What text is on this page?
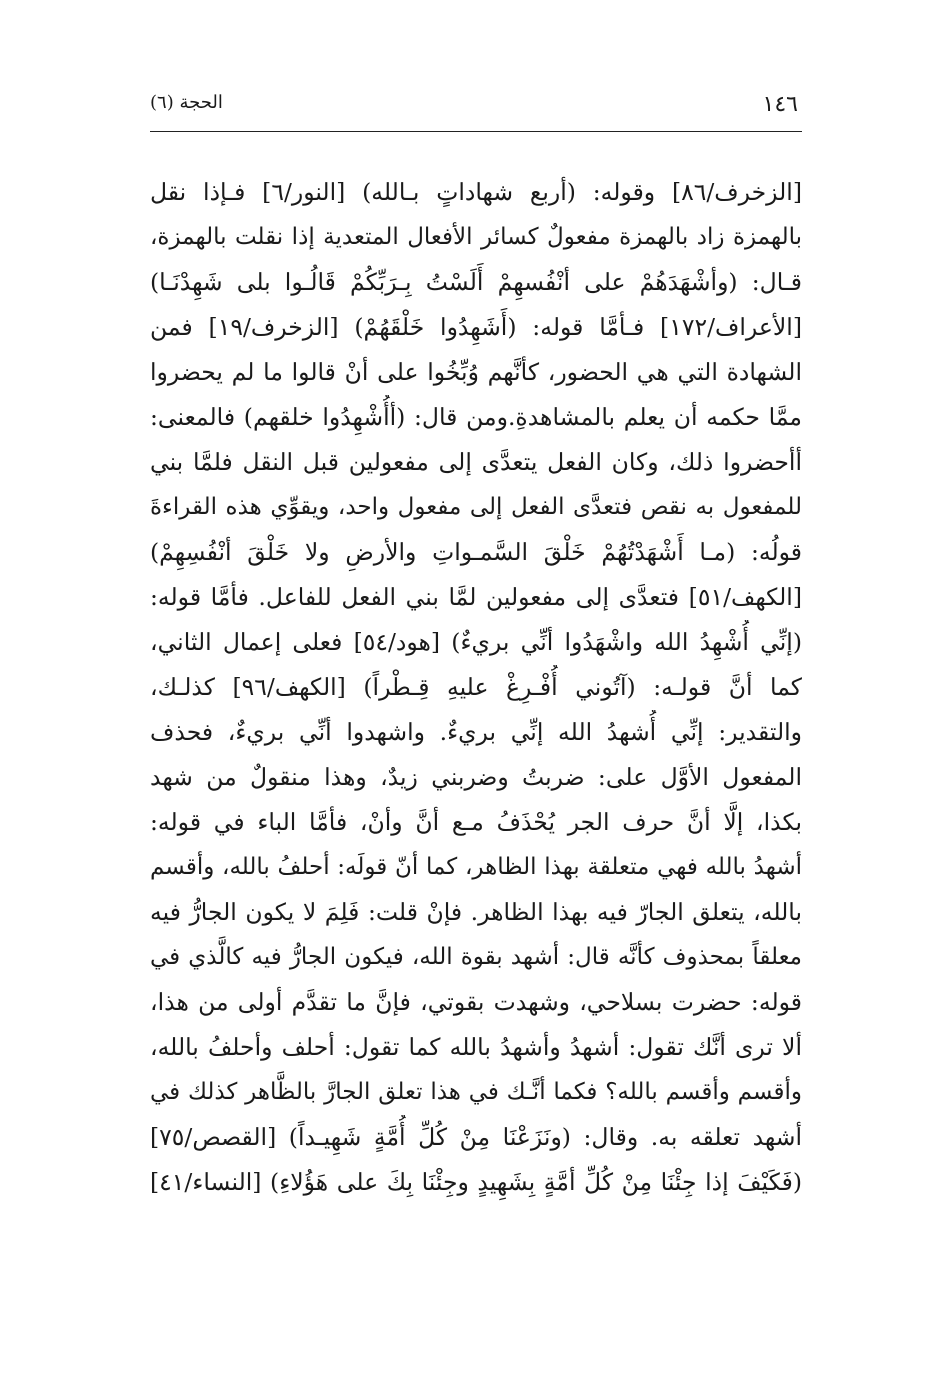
١٤٦
الحجة (٦)
[الزخرف/٨٦] وقوله: (أربع شهاداتٍ بـالله) [النور/٦] فـإذا نقل
بالهمزة زاد بالهمزة مفعولٌ كسائر الأفعال المتعدية إذا نقلت بالهمزة،
قـال: (وأشْهَدَهُمْ على أنْفُسهِمْ أَلَسْتُ بِـرَبِّكُمْ قَالُـوا بلى شَهِدْنَـا)
[الأعراف/١٧٢] فـأمَّا قوله: (أَشَهِدُوا خَلْقَهُمْ) [الزخرف/١٩] فمن
الشهادة التي هي الحضور، كأنَّهم وُبِّخُوا على أنْ قالوا ما لم يحضروا
ممَّا حكمه أن يعلم بالمشاهدةِ.ومن قال: (أأُشْهِدُوا خلقهم) فالمعنى:
أأحضروا ذلك، وكان الفعل يتعدَّى إلى مفعولين قبل النقل فلمَّا بني
للمفعول به نقص فتعدَّى الفعل إلى مفعول واحد، ويقوِّي هذه القراءةَ
قولُه: (مـا أَشْهَدْتُهُمْ خَلْقَ السَّمـواتِ والأرضِ ولا خَلْقَ أنْفُسِهِمْ)
[الكهف/٥١] فتعدَّى إلى مفعولين لمَّا بني الفعل للفاعل. فأمَّا قوله:
(إنِّي أُشْهِدُ الله واشْهَدُوا أنِّي بريءٌ) [هود/٥٤] فعلى إعمال الثاني،
كما أنَّ قولـه: (آتُوني أُفْـرِغْ عليهِ قِـطْراً) [الكهف/٩٦] كذلـك،
والتقدير: إنِّي أُشهدُ الله إنِّي بريءٌ. واشهدوا أنِّي بريءٌ، فحذف
المفعول الأوَّل على: ضربتُ وضربني زيدٌ، وهذا منقولٌ من شهد
بكذا، إلَّا أنَّ حرف الجر يُحْذَفُ مـع أنَّ وأنْ، فأمَّا الباء في قوله:
أشهدُ بالله فهي متعلقة بهذا الظاهر، كما أنّ قولَه: أحلفُ بالله، وأقسم
بالله، يتعلق الجارّ فيه بهذا الظاهر. فإنْ قلت: فَلِمَ لا يكون الجارُّ فيه
معلقاً بمحذوف كأنَّه قال: أشهد بقوة الله، فيكون الجارُّ فيه كالَّذي في
قوله: حضرت بسلاحي، وشهدت بقوتي، فإنَّ ما تقدَّم أولى من هذا،
ألا ترى أنَّك تقول: أشهدُ وأشهدُ بالله كما تقول: أحلف وأحلفُ بالله،
وأقسم وأقسم بالله؟ فكما أنَّـك في هذا تعلق الجارَّ بالظَّاهر كذلك في
أشهد تعلقه به. وقال: (ونَزَعْنَا مِنْ كُلِّ أُمَّةٍ شَهِيـداً) [القصص/٧٥]
(فَكَيْفَ إذا جِئْنَا مِنْ كُلِّ أمَّةٍ بِشَهِيدٍ وجِئْنَا بِكَ على هَؤُلاءِ) [النساء/٤١]
